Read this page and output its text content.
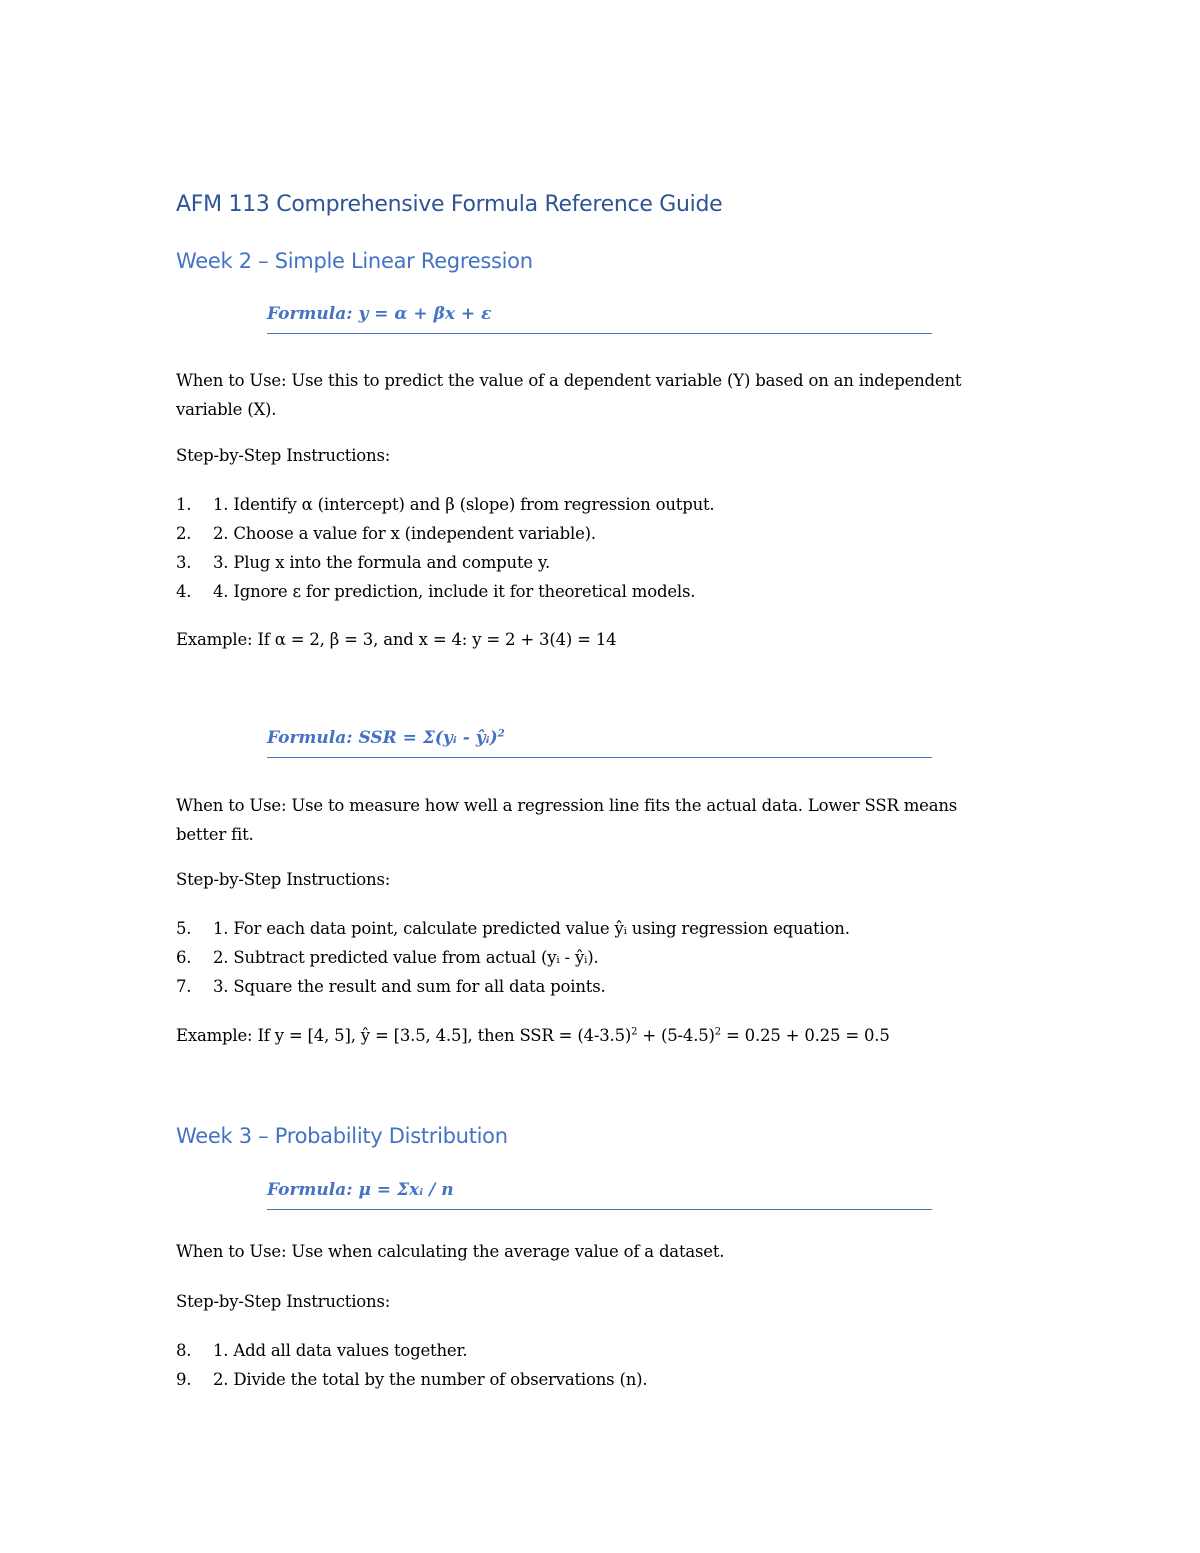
AFM 113 Comprehensive Formula Reference Guide
Week 2 – Simple Linear Regression
Formula: y = α + βx + ε
When to Use: Use this to predict the value of a dependent variable (Y) based on an independent variable (X).
Step-by-Step Instructions:
1. 1. Identify α (intercept) and β (slope) from regression output.
2. 2. Choose a value for x (independent variable).
3. 3. Plug x into the formula and compute y.
4. 4. Ignore ε for prediction, include it for theoretical models.
Example: If α = 2, β = 3, and x = 4: y = 2 + 3(4) = 14
Formula: SSR = Σ(yᵢ - ŷᵢ)$^2$
When to Use: Use to measure how well a regression line fits the actual data. Lower SSR means better fit.
Step-by-Step Instructions:
5. 1. For each data point, calculate predicted value ŷᵢ using regression equation.
6. 2. Subtract predicted value from actual (yᵢ - ŷᵢ).
7. 3. Square the result and sum for all data points.
Example: If y = [4, 5], ŷ = [3.5, 4.5], then SSR = $(4-3.5)^2 + (5-4.5)^2 = 0.25 + 0.25 = 0.5$
Week 3 – Probability Distribution
Formula: μ = Σxᵢ / n
When to Use: Use when calculating the average value of a dataset.
Step-by-Step Instructions:
8. 1. Add all data values together.
9. 2. Divide the total by the number of observations (n).
